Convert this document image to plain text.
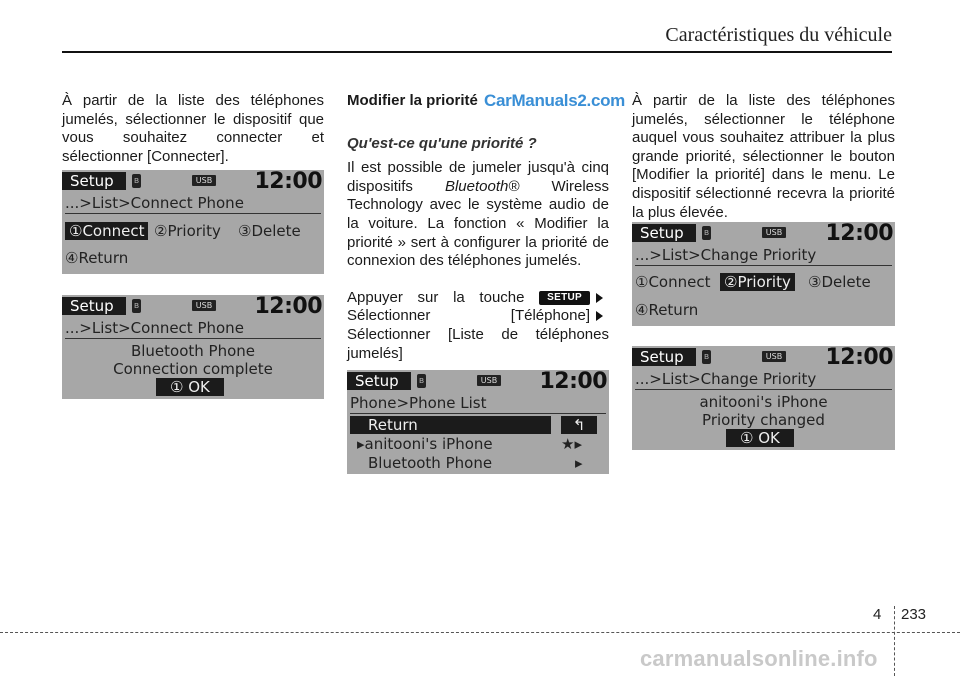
Caractéristiques du véhicule

À partir de la liste des téléphones jumelés, sélectionner le dispositif que vous souhaitez connecter et sélectionner [Connecter].

Setup	ʙ	USB 12:00
...>List>Connect Phone
①Connect ②Priority ③Delete
④Return
Setup	ʙ	USB 12:00
...>List>Connect Phone
Bluetooth Phone
Connection complete
① OK

Modifier la priorité

Qu'est-ce qu'une priorité ?

Il est possible de jumeler jusqu'à cinq dispositifs Bluetooth® Wireless Technology avec le système audio de la voiture. La fonction « Modifier la priorité » sert à configurer la priorité de connexion des téléphones jumelés.

Appuyer sur la touche SETUPSélectionner [Téléphone]Sélectionner [Liste de téléphones jumelés]

CarManuals2.com
Setup	ʙ	USB 12:00
Phone>Phone List
Return	↰
▸anitooni's iPhone	★▸
Bluetooth Phone	▸

À partir de la liste des téléphones jumelés, sélectionner le téléphone auquel vous souhaitez attribuer la plus grande priorité, sélectionner le bouton [Modifier la priorité] dans le menu. Le dispositif sélectionné recevra la priorité la plus élevée.

Setup	ʙ	USB 12:00
...>List>Change Priority
①Connect ②Priority ③Delete
④Return
Setup	ʙ	USB 12:00
...>List>Change Priority
anitooni's iPhone
Priority changed
① OK
4 233
carmanualsonline.info
